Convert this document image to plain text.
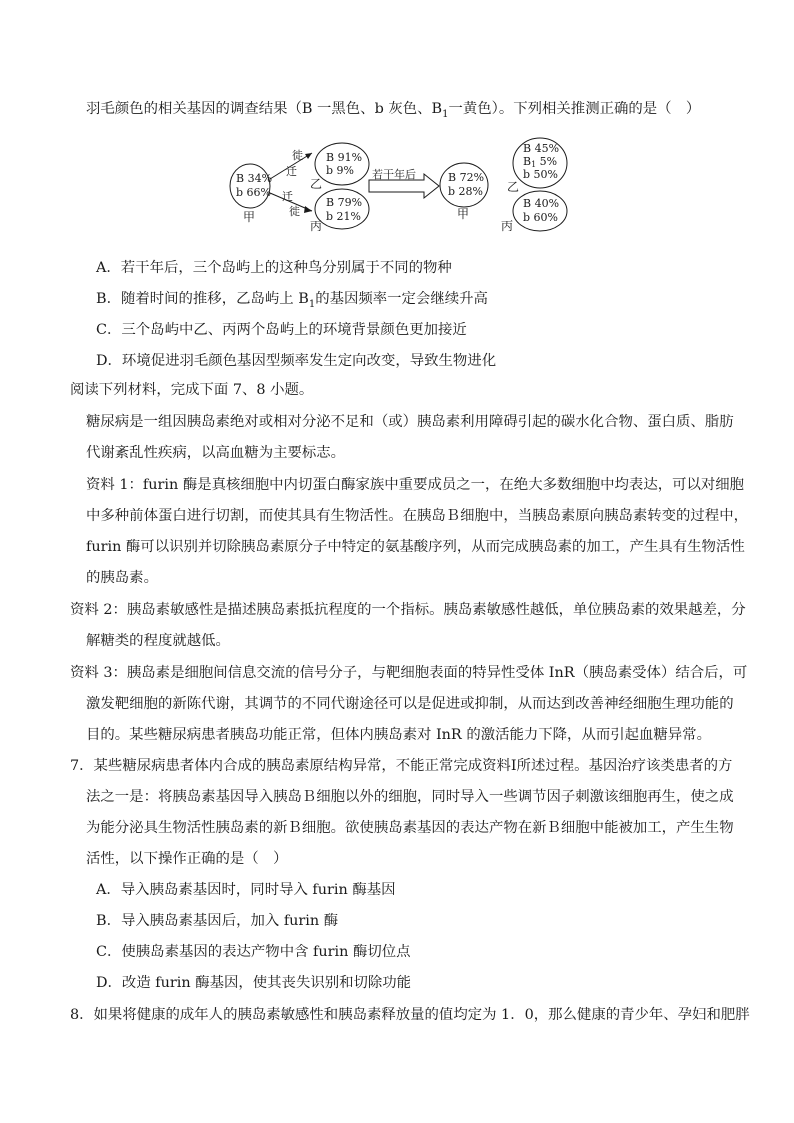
羽毛颜色的相关基因的调查结果（B 一黑色、b 灰色、$B_1$一黄色）。下列相关推测正确的是（　）
B 34%
b 66%
甲
徙
迁
迁
徙
B 91%
b 9%
乙
B 79%
b 21%
丙
若干年后	B 72%
b 28%
甲
B 45%
B1 5%
b 50%
乙
B 40%
b 60%
丙
A．若干年后，三个岛屿上的这种鸟分别属于不同的物种
B．随着时间的推移，乙岛屿上 $B_1$的基因频率一定会继续升高
C．三个岛屿中乙、丙两个岛屿上的环境背景颜色更加接近
D．环境促进羽毛颜色基因型频率发生定向改变，导致生物进化
阅读下列材料，完成下面 7、8 小题。
糖尿病是一组因胰岛素绝对或相对分泌不足和（或）胰岛素利用障碍引起的碳水化合物、蛋白质、脂肪
代谢紊乱性疾病，以高血糖为主要标志。
资料 1：furin 酶是真核细胞中内切蛋白酶家族中重要成员之一，在绝大多数细胞中均表达，可以对细胞
中多种前体蛋白进行切割，而使其具有生物活性。在胰岛Ｂ细胞中，当胰岛素原向胰岛素转变的过程中，
furin 酶可以识别并切除胰岛素原分子中特定的氨基酸序列，从而完成胰岛素的加工，产生具有生物活性
的胰岛素。
资料 2：胰岛素敏感性是描述胰岛素抵抗程度的一个指标。胰岛素敏感性越低，单位胰岛素的效果越差，分
解糖类的程度就越低。
资料 3：胰岛素是细胞间信息交流的信号分子，与靶细胞表面的特异性受体 InR（胰岛素受体）结合后，可
激发靶细胞的新陈代谢，其调节的不同代谢途径可以是促进或抑制，从而达到改善神经细胞生理功能的
目的。某些糖尿病患者胰岛功能正常，但体内胰岛素对 InR 的激活能力下降，从而引起血糖异常。
7．某些糖尿病患者体内合成的胰岛素原结构异常，不能正常完成资料Ⅰ所述过程。基因治疗该类患者的方
法之一是：将胰岛素基因导入胰岛Ｂ细胞以外的细胞，同时导入一些调节因子刺激该细胞再生，使之成
为能分泌具生物活性胰岛素的新Ｂ细胞。欲使胰岛素基因的表达产物在新Ｂ细胞中能被加工，产生生物
活性，以下操作正确的是（　）
A．导入胰岛素基因时，同时导入 furin 酶基因
B．导入胰岛素基因后，加入 furin 酶
C．使胰岛素基因的表达产物中含 furin 酶切位点
D．改造 furin 酶基因，使其丧失识别和切除功能
8．如果将健康的成年人的胰岛素敏感性和胰岛素释放量的值均定为 1．0，那么健康的青少年、孕妇和肥胖
